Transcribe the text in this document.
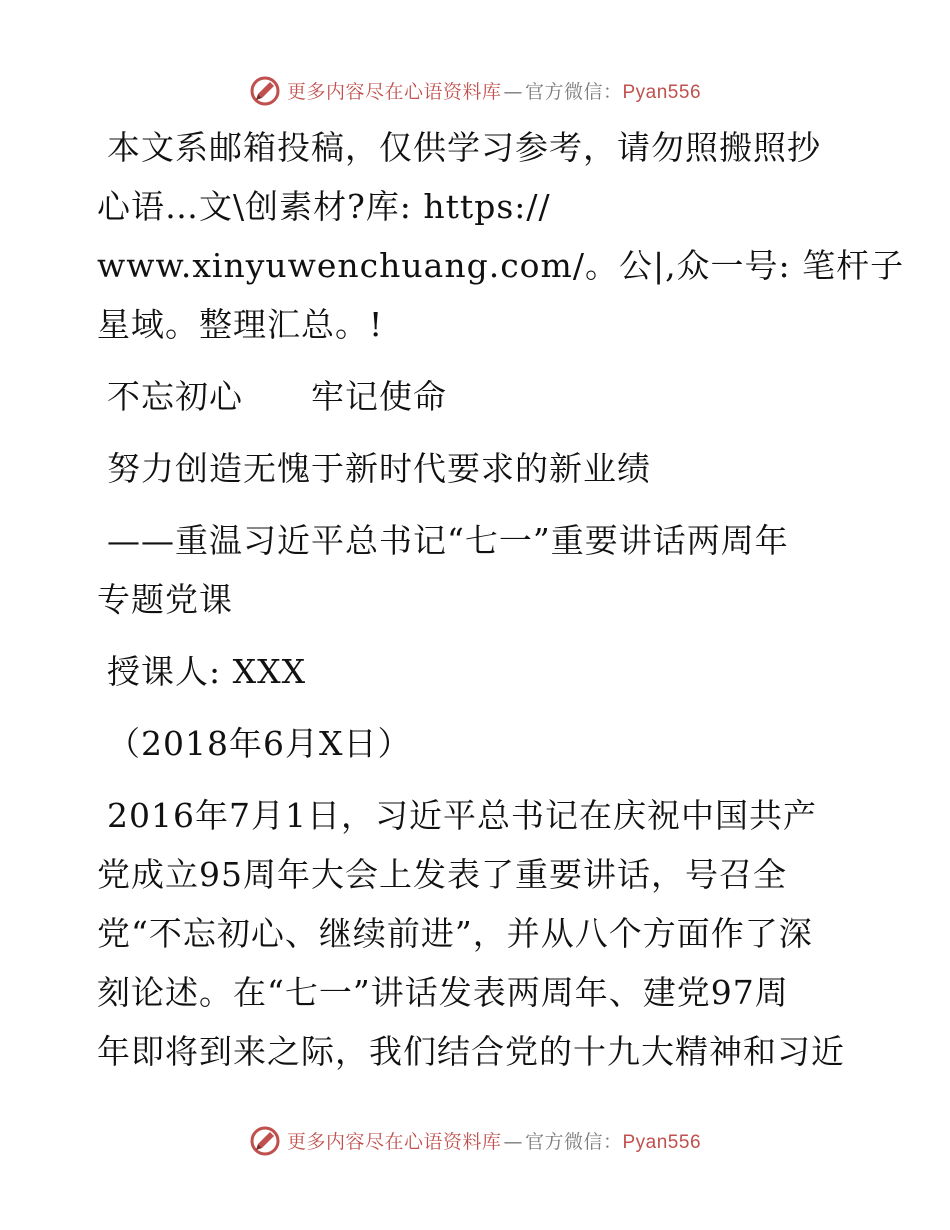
更多内容尽在心语资料库 — 官方微信：Pyan556
本文系邮箱投稿，仅供学习参考，请勿照搬照抄
心语…文\创素材?库: https://
www.xinyuwenchuang.com/。公|,众一号: 笔杆子
星域。整理汇总。!
不忘初心　　牢记使命
努力创造无愧于新时代要求的新业绩
——重温习近平总书记“七一”重要讲话两周年
专题党课
授课人: XXX
（2018年6月X日）
2016年7月1日，习近平总书记在庆祝中国共产
党成立95周年大会上发表了重要讲话，号召全
党“不忘初心、继续前进”，并从八个方面作了深
刻论述。在“七一”讲话发表两周年、建党97周
年即将到来之际，我们结合党的十九大精神和习近
更多内容尽在心语资料库 — 官方微信：Pyan556
